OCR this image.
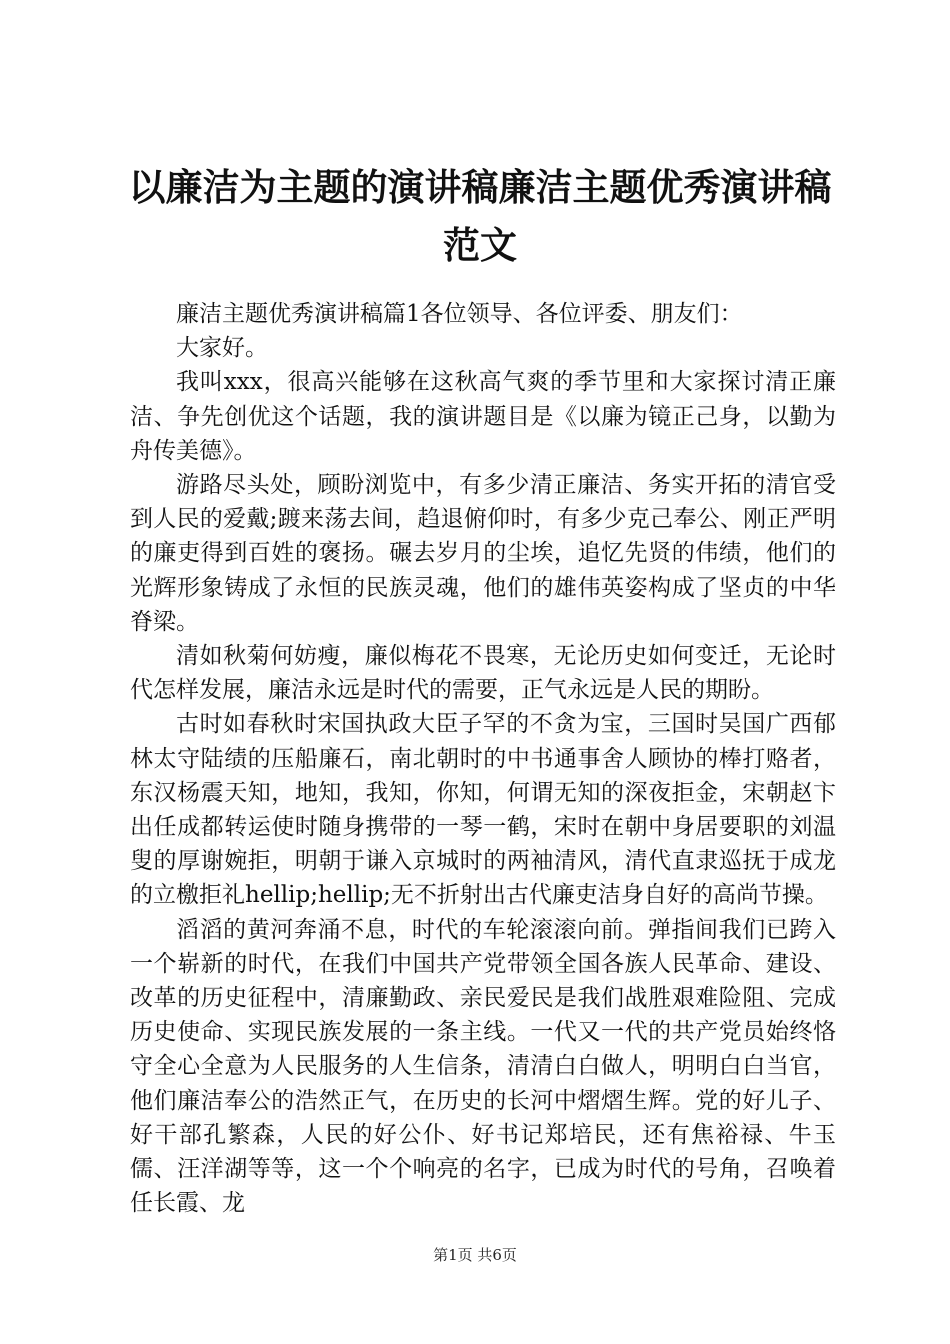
以廉洁为主题的演讲稿廉洁主题优秀演讲稿范文

廉洁主题优秀演讲稿篇1各位领导、各位评委、朋友们：

大家好。

我叫xxx，很高兴能够在这秋高气爽的季节里和大家探讨清正廉洁、争先创优这个话题，我的演讲题目是《以廉为镜正己身，以勤为舟传美德》。

游路尽头处，顾盼浏览中，有多少清正廉洁、务实开拓的清官受到人民的爱戴;踱来荡去间，趋退俯仰时，有多少克己奉公、刚正严明的廉吏得到百姓的褒扬。碾去岁月的尘埃，追忆先贤的伟绩，他们的光辉形象铸成了永恒的民族灵魂，他们的雄伟英姿构成了坚贞的中华脊梁。

清如秋菊何妨瘦，廉似梅花不畏寒，无论历史如何变迁，无论时代怎样发展，廉洁永远是时代的需要，正气永远是人民的期盼。

古时如春秋时宋国执政大臣子罕的不贪为宝，三国时吴国广西郁林太守陆绩的压船廉石，南北朝时的中书通事舍人顾协的棒打赂者，东汉杨震天知，地知，我知，你知，何谓无知的深夜拒金，宋朝赵卞出任成都转运使时随身携带的一琴一鹤，宋时在朝中身居要职的刘温叟的厚谢婉拒，明朝于谦入京城时的两袖清风，清代直隶巡抚于成龙的立檄拒礼hellip;hellip;无不折射出古代廉吏洁身自好的高尚节操。

滔滔的黄河奔涌不息，时代的车轮滚滚向前。弹指间我们已跨入一个崭新的时代，在我们中国共产党带领全国各族人民革命、建设、改革的历史征程中，清廉勤政、亲民爱民是我们战胜艰难险阻、完成历史使命、实现民族发展的一条主线。一代又一代的共产党员始终恪守全心全意为人民服务的人生信条，清清白白做人，明明白白当官，他们廉洁奉公的浩然正气，在历史的长河中熠熠生辉。党的好儿子、好干部孔繁森，人民的好公仆、好书记郑培民，还有焦裕禄、牛玉儒、汪洋湖等等，这一个个响亮的名字，已成为时代的号角，召唤着任长霞、龙

第1页 共6页
